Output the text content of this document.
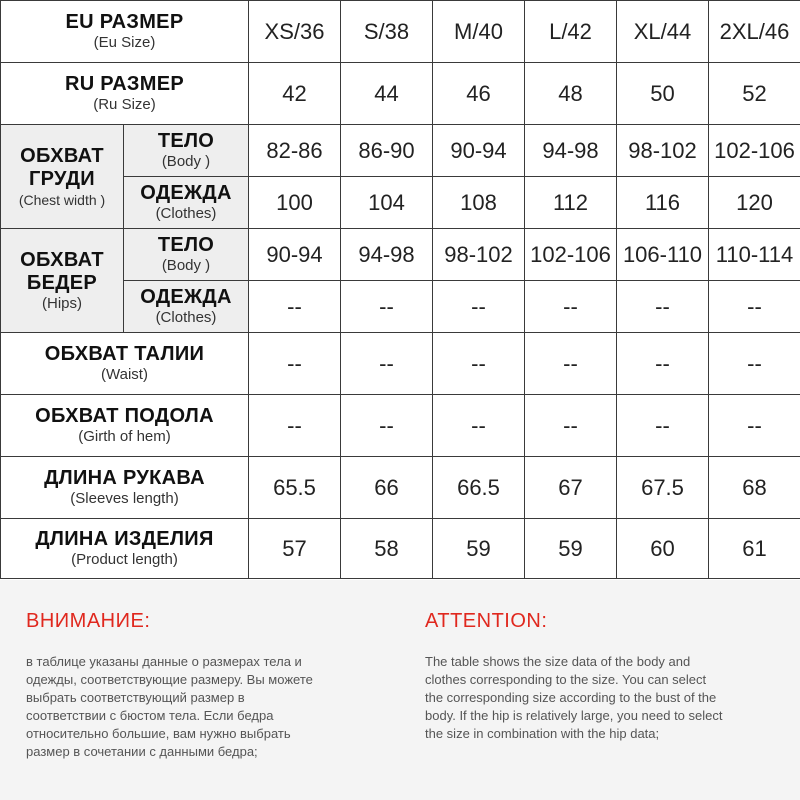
EU РАЗМЕР
(Eu Size)		XS/36	S/38	M/40	L/42	XL/44	2XL/46

RU РАЗМЕР
(Ru Size)		42	44	46	48	50	52

ОБХВАТ
ГРУДИ
(Chest width )	ТЕЛО
(Body )	82-86	86-90	90-94	94-98	98-102	102-106

	ОДЕЖДА
(Clothes)	100	104	108	112	116	120

ОБХВАТ
БЕДЕР
(Hips)	ТЕЛО
(Body )	90-94	94-98	98-102	102-106	106-110	110-114

	ОДЕЖДА
(Clothes)	--	--	--	--	--	--

ОБХВАТ ТАЛИИ
(Waist)		--	--	--	--	--	--

ОБХВАТ ПОДОЛА
(Girth of hem)		--	--	--	--	--	--

ДЛИНА РУКАВА
(Sleeves length)		65.5	66	66.5	67	67.5	68

ДЛИНА ИЗДЕЛИЯ
(Product length)		57	58	59	59	60	61
ВНИМАНИЕ:
в таблице указаны данные о размерах тела и
одежды, соответствующие размеру. Вы можете
выбрать соответствующий размер в
соответствии с бюстом тела. Если бедра
относительно большие, вам нужно выбрать
размер в сочетании с данными бедра;
ATTENTION:
The table shows the size data of the body and
clothes corresponding to the size. You can select
the corresponding size according to the bust of the
body. If the hip is relatively large, you need to select
the size in combination with the hip data;
